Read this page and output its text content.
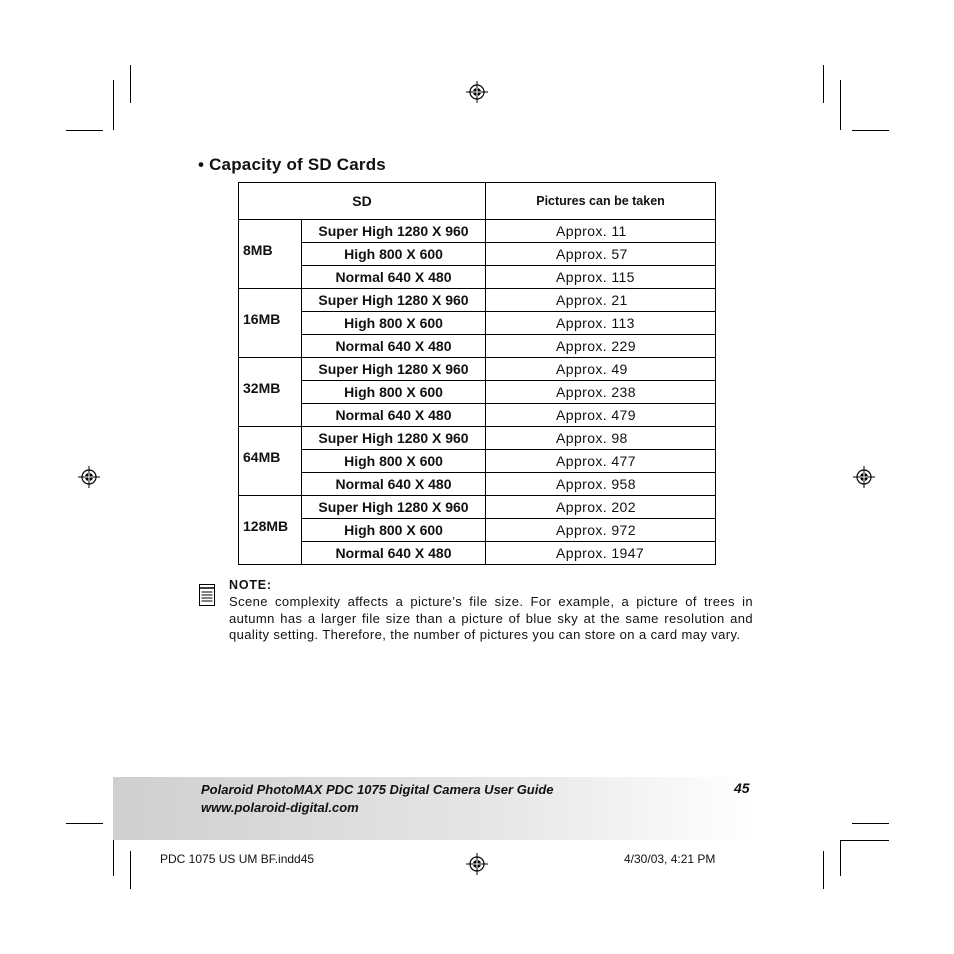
• Capacity of SD Cards
SD		Pictures can be taken
8MB	Super High 1280 X 960	Approx. 11
	High 800 X 600	Approx. 57
	Normal 640 X 480	Approx. 115
16MB	Super High 1280 X 960	Approx. 21
	High 800 X 600	Approx. 113
	Normal 640 X 480	Approx. 229
32MB	Super High 1280 X 960	Approx. 49
	High 800 X 600	Approx. 238
	Normal 640 X 480	Approx. 479
64MB	Super High 1280 X 960	Approx. 98
	High 800 X 600	Approx. 477
	Normal 640 X 480	Approx. 958
128MB	Super High 1280 X 960	Approx. 202
	High 800 X 600	Approx. 972
	Normal 640 X 480	Approx. 1947
NOTE:
Scene complexity affects a picture’s file size. For example, a picture of trees in autumn has a larger file size than a picture of blue sky at the same resolution and quality setting. Therefore, the number of pictures you can store on a card may vary.
Polaroid PhotoMAX PDC 1075 Digital Camera User Guide
www.polaroid-digital.com
45
PDC 1075 US UM BF.indd45	4/30/03, 4:21 PM
